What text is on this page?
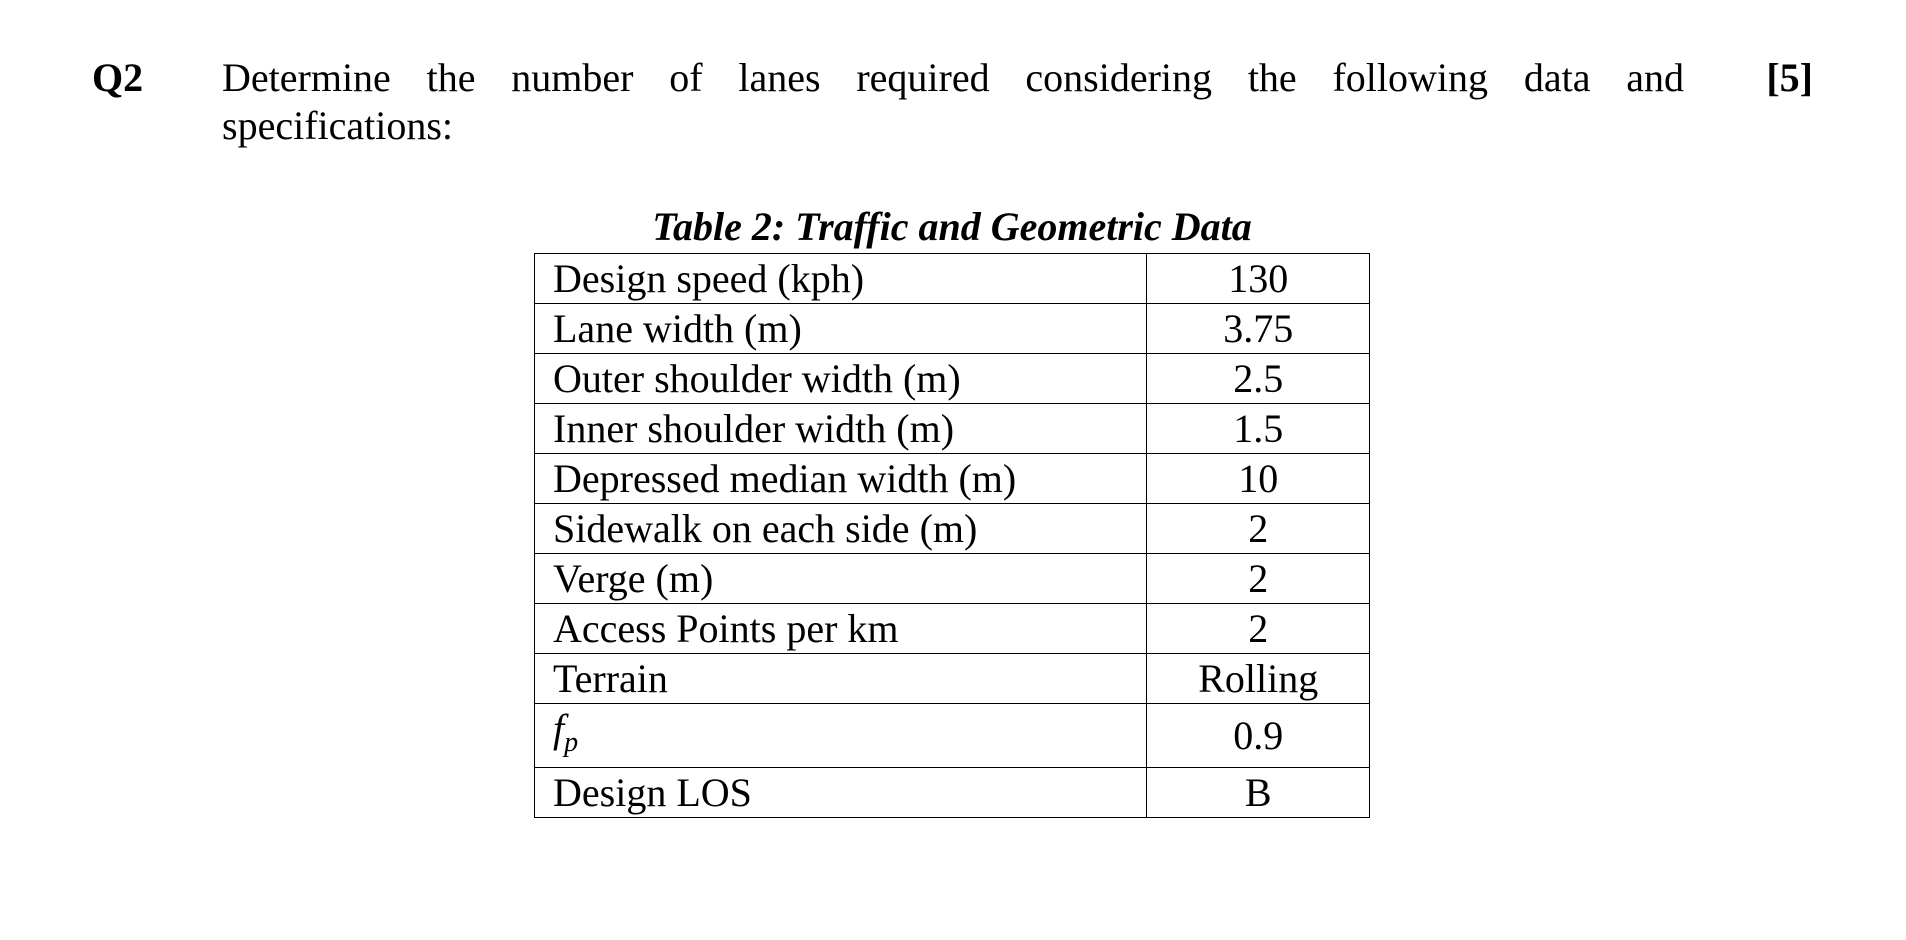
Q2 Determine the number of lanes required considering the following data and
specifications:
[5]
Table 2: Traffic and Geometric Data
Design speed (kph)	130
Lane width (m)	3.75
Outer shoulder width (m)	2.5
Inner shoulder width (m)	1.5
Depressed median width (m)	10
Sidewalk on each side (m)	2
Verge (m)	2
Access Points per km	2
Terrain	Rolling
$f_p$	0.9
Design LOS	B
